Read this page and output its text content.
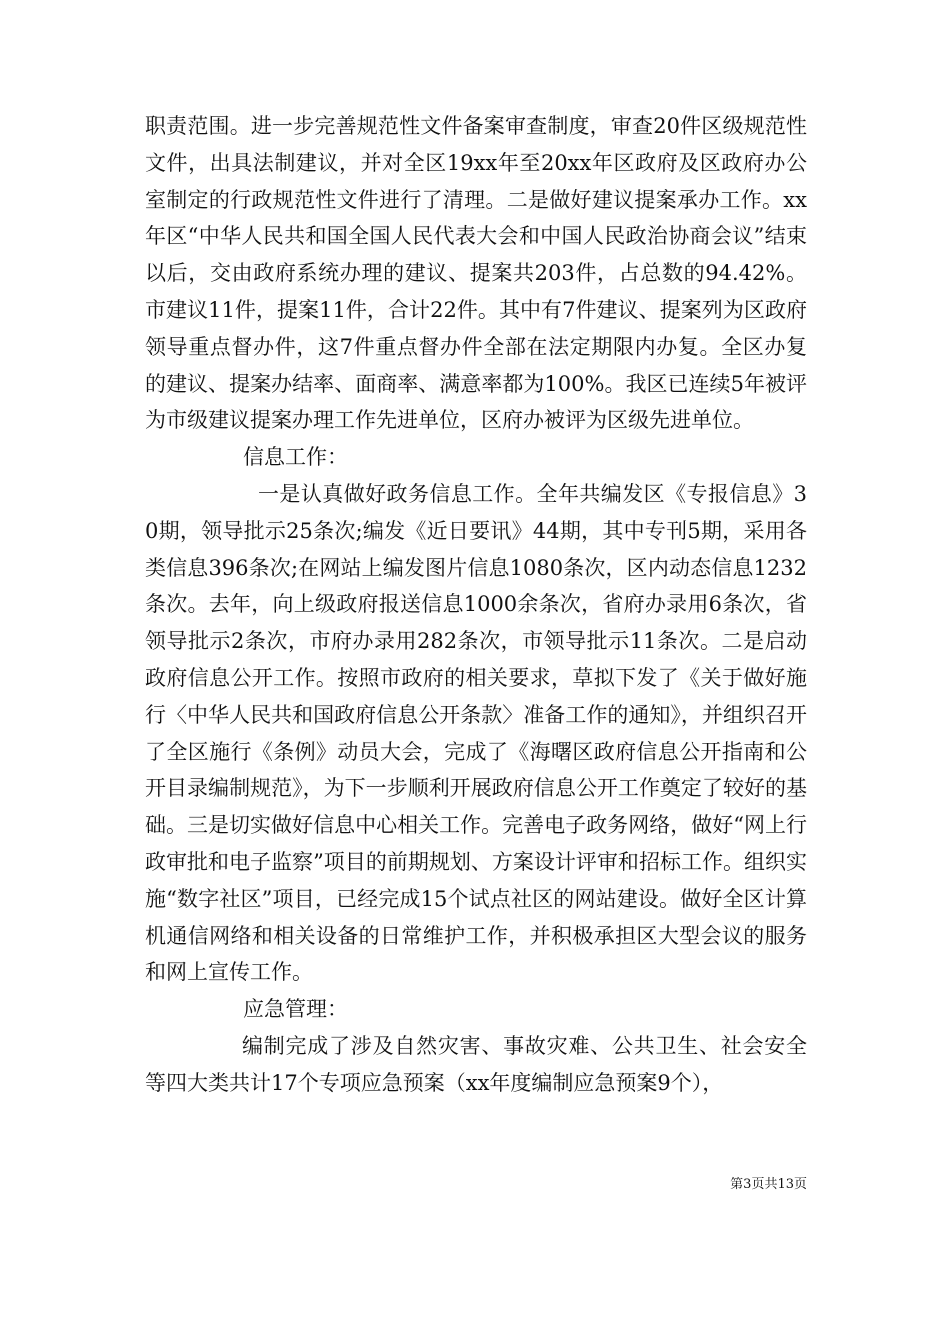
职责范围。进一步完善规范性文件备案审查制度，审查20件区级规范性文件，出具法制建议，并对全区19xx年至20xx年区政府及区政府办公室制定的行政规范性文件进行了清理。二是做好建议提案承办工作。xx年区“中华人民共和国全国人民代表大会和中国人民政治协商会议”结束以后，交由政府系统办理的建议、提案共203件，占总数的94.42%。市建议11件，提案11件，合计22件。其中有7件建议、提案列为区政府领导重点督办件，这7件重点督办件全部在法定期限内办复。全区办复的建议、提案办结率、面商率、满意率都为100%。我区已连续5年被评为市级建议提案办理工作先进单位，区府办被评为区级先进单位。

信息工作：

一是认真做好政务信息工作。全年共编发区《专报信息》30期，领导批示25条次;编发《近日要讯》44期，其中专刊5期，采用各类信息396条次;在网站上编发图片信息1080条次，区内动态信息1232条次。去年，向上级政府报送信息1000余条次，省府办录用6条次，省领导批示2条次，市府办录用282条次，市领导批示11条次。二是启动政府信息公开工作。按照市政府的相关要求，草拟下发了《关于做好施行〈中华人民共和国政府信息公开条款〉准备工作的通知》，并组织召开了全区施行《条例》动员大会，完成了《海曙区政府信息公开指南和公开目录编制规范》，为下一步顺利开展政府信息公开工作奠定了较好的基础。三是切实做好信息中心相关工作。完善电子政务网络，做好“网上行政审批和电子监察”项目的前期规划、方案设计评审和招标工作。组织实施“数字社区”项目，已经完成15个试点社区的网站建设。做好全区计算机通信网络和相关设备的日常维护工作，并积极承担区大型会议的服务和网上宣传工作。

应急管理：

编制完成了涉及自然灾害、事故灾难、公共卫生、社会安全等四大类共计17个专项应急预案（xx年度编制应急预案9个），

第3页共13页
